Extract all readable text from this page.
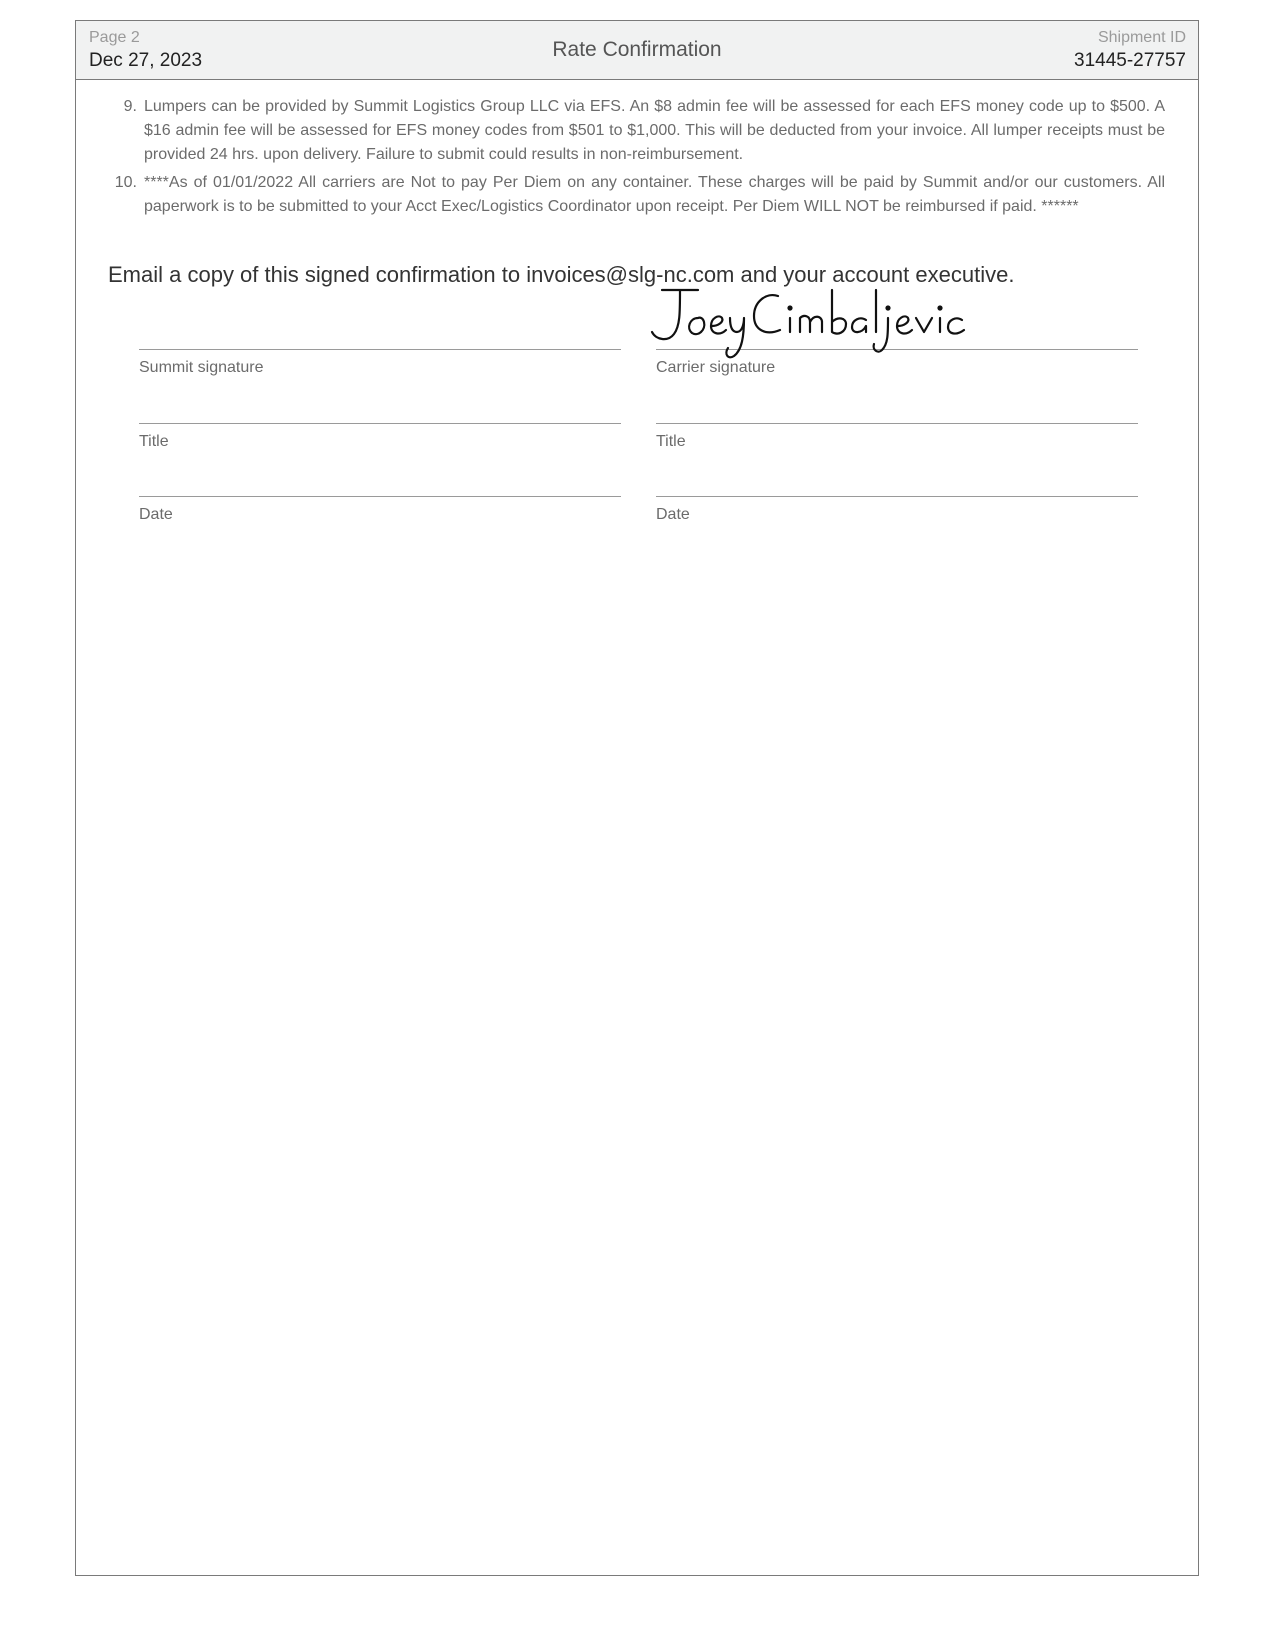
Page 2
Dec 27, 2023	Rate Confirmation
Shipment ID
31445-27757
9. Lumpers can be provided by Summit Logistics Group LLC via EFS. An $8 admin fee will be assessed for each EFS money code up to $500. A $16 admin fee will be assessed for EFS money codes from $501 to $1,000. This will be deducted from your invoice. All lumper receipts must be provided 24 hrs. upon delivery. Failure to submit could results in non-reimbursement.
10. ****As of 01/01/2022 All carriers are Not to pay Per Diem on any container. These charges will be paid by Summit and/or our customers. All paperwork is to be submitted to your Acct Exec/Logistics Coordinator upon receipt. Per Diem WILL NOT be reimbursed if paid. ******
Email a copy of this signed confirmation to invoices@slg-nc.com and your account executive.
Summit signature	Carrier signature
Title	Title
Date	Date
